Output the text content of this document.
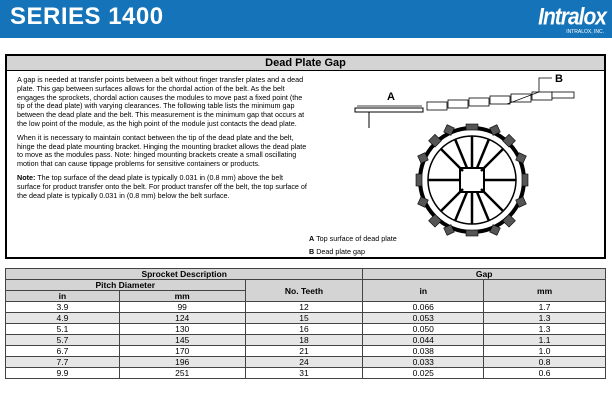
SERIES 1400	Intralox
INTRALOX, INC.
Dead Plate Gap

A gap is needed at transfer points between a belt without finger transfer plates and a dead plate. This gap between surfaces allows for the chordal action of the belt. As the belt engages the sprockets, chordal action causes the modules to move past a fixed point (the tip of the dead plate) with varying clearances. The following table lists the minimum gap between the dead plate and the belt. This measurement is the minimum gap that occurs at the low point of the module, as the high point of the module just contacts the dead plate.

When it is necessary to maintain contact between the tip of the dead plate and the belt, hinge the dead plate mounting bracket. Hinging the mounting bracket allows the dead plate to move as the modules pass. Note: hinged mounting brackets create a small oscillating motion that can cause tippage problems for sensitive containers or products.

Note: The top surface of the dead plate is typically 0.031 in (0.8 mm) above the belt surface for product transfer onto the belt. For product transfer off the belt, the top surface of the dead plate is typically 0.031 in (0.8 mm) below the belt surface.

A
B
A Top surface of dead plate
B Dead plate gap
Sprocket Description			Gap	
Pitch Diameter		No. Teeth	in	mm
in	mm			
3.9	99	12	0.066	1.7
4.9	124	15	0.053	1.3
5.1	130	16	0.050	1.3
5.7	145	18	0.044	1.1
6.7	170	21	0.038	1.0
7.7	196	24	0.033	0.8
9.9	251	31	0.025	0.6
